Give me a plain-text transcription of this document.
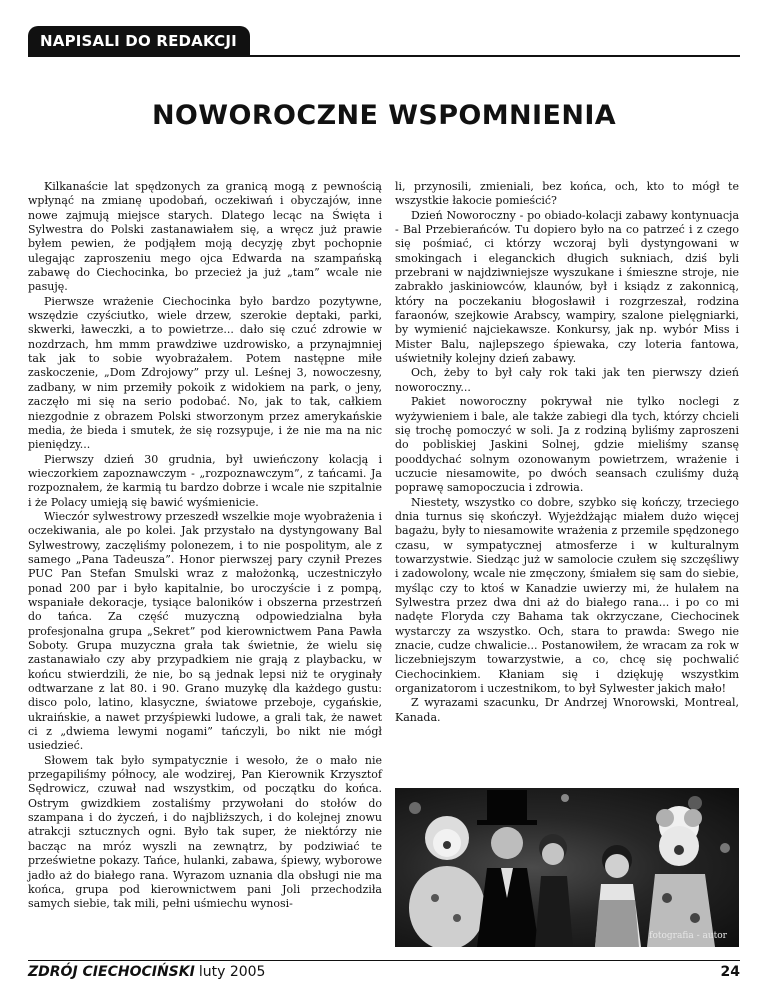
NAPISALI DO REDAKCJI
NOWOROCZNE WSPOMNIENIA

Kilkanaście lat spędzonych za granicą mogą z pewnością wpłynąć na zmianę upodobań, oczekiwań i obyczajów, inne nowe zajmują miejsce starych. Dlatego lecąc na Święta i Sylwestra do Polski zastanawiałem się, a wręcz już prawie byłem pewien, że podjąłem moją decyzję zbyt pochopnie ulegając zaproszeniu mego ojca Edwarda na szampańską zabawę do Ciechocinka, bo przecież ja już „tam” wcale nie pasuję.

Pierwsze wrażenie Ciechocinka było bardzo pozytywne, wszędzie czyściutko, wiele drzew, szerokie deptaki, parki, skwerki, ławeczki, a to powietrze... dało się czuć zdrowie w nozdrzach, hm mmm prawdziwe uzdrowisko, a przynajmniej tak jak to sobie wyobrażałem. Potem następne miłe zaskoczenie, „Dom Zdrojowy” przy ul. Leśnej 3, nowoczesny, zadbany, w nim przemiły pokoik z widokiem na park, o jeny, zaczęło mi się na serio podobać. No, jak to tak, całkiem niezgodnie z obrazem Polski stworzonym przez amerykańskie media, że bieda i smutek, że się rozsypuje, i że nie ma na nic pieniędzy...

Pierwszy dzień 30 grudnia, był uwieńczony kolacją i wieczorkiem zapoznawczym - „rozpoznawczym”, z tańcami. Ja rozpoznałem, że karmią tu bardzo dobrze i wcale nie szpitalnie i że Polacy umieją się bawić wyśmienicie.

Wieczór sylwestrowy przeszedł wszelkie moje wyobrażenia i oczekiwania, ale po kolei. Jak przystało na dystyngowany Bal Sylwestrowy, zaczęliśmy polonezem, i to nie pospolitym, ale z samego „Pana Tadeusza”. Honor pierwszej pary czynił Prezes PUC Pan Stefan Smulski wraz z małożonką, uczestniczyło ponad 200 par i było kapitalnie, bo uroczyście i z pompą, wspaniałe dekoracje, tysiące baloników i obszerna przestrzeń do tańca. Za część muzyczną odpowiedzialna była profesjonalna grupa „Sekret” pod kierownictwem Pana Pawła Soboty. Grupa muzyczna grała tak świetnie, że wielu się zastanawiało czy aby przypadkiem nie grają z playbacku, w końcu stwierdzili, że nie, bo są jednak lepsi niż te oryginały odtwarzane z lat 80. i 90. Grano muzykę dla każdego gustu: disco polo, latino, klasyczne, światowe przeboje, cygańskie, ukraińskie, a nawet przyśpiewki ludowe, a grali tak, że nawet ci z „dwiema lewymi nogami” tańczyli, bo nikt nie mógł usiedzieć.

Słowem tak było sympatycznie i wesoło, że o mało nie przegapiliśmy północy, ale wodzirej, Pan Kierownik Krzysztof Sędrowicz, czuwał nad wszystkim, od początku do końca. Ostrym gwizdkiem zostaliśmy przywołani do stołów do szampana i do życzeń, i do najbliższych, i do kolejnej znowu atrakcji sztucznych ogni. Było tak super, że niektórzy nie bacząc na mróz wyszli na zewnątrz, by podziwiać te prześwietne pokazy. Tańce, hulanki, zabawa, śpiewy, wyborowe jadło aż do białego rana. Wyrazom uznania dla obsługi nie ma końca, grupa pod kierownictwem pani Joli przechodziła samych siebie, tak mili, pełni uśmiechu wynosi-

li, przynosili, zmieniali, bez końca, och, kto to mógł te wszystkie łakocie pomieścić?

Dzień Noworoczny - po obiado-kolacji zabawy kontynuacja - Bal Przebierańców. Tu dopiero było na co patrzeć i z czego się pośmiać, ci którzy wczoraj byli dystyngowani w smokingach i eleganckich długich sukniach, dziś byli przebrani w najdziwniejsze wyszukane i śmieszne stroje, nie zabrakło jaskiniowców, klaunów, był i ksiądz z zakonnicą, który na poczekaniu błogosławił i rozgrzeszał, rodzina faraonów, szejkowie Arabscy, wampiry, szalone pielęgniarki, by wymienić najciekawsze. Konkursy, jak np. wybór Miss i Mister Balu, najlepszego śpiewaka, czy loteria fantowa, uświetniły kolejny dzień zabawy.

Och, żeby to był cały rok taki jak ten pierwszy dzień noworoczny...

Pakiet noworoczny pokrywał nie tylko noclegi z wyżywieniem i bale, ale także zabiegi dla tych, którzy chcieli się trochę pomoczyć w soli. Ja z rodziną byliśmy zaproszeni do pobliskiej Jaskini Solnej, gdzie mieliśmy szansę pooddychać solnym ozonowanym powietrzem, wrażenie i uczucie niesamowite, po dwóch seansach czuliśmy dużą poprawę samopoczucia i zdrowia.

Niestety, wszystko co dobre, szybko się kończy, trzeciego dnia turnus się skończył. Wyjeżdżając miałem dużo więcej bagażu, były to niesamowite wrażenia z przemile spędzonego czasu, w sympatycznej atmosferze i w kulturalnym towarzystwie. Siedząc już w samolocie czułem się szczęśliwy i zadowolony, wcale nie zmęczony, śmiałem się sam do siebie, myśląc czy to ktoś w Kanadzie uwierzy mi, że hulałem na Sylwestra przez dwa dni aż do białego rana... i po co mi nadęte Floryda czy Bahama tak okrzyczane, Ciechocinek wystarczy za wszystko. Och, stara to prawda: Swego nie znacie, cudze chwalicie... Postanowiłem, że wracam za rok w liczebniejszym towarzystwie, a co, chcę się pochwalić Ciechocinkiem. Kłaniam się i dziękuję wszystkim organizatorom i uczestnikom, to był Sylwester jakich mało!

Z wyrazami szacunku, Dr Andrzej Wnorowski, Montreal, Kanada.

fotografia - autor
ZDRÓJ CIECHOCIŃSKI luty 2005	24
